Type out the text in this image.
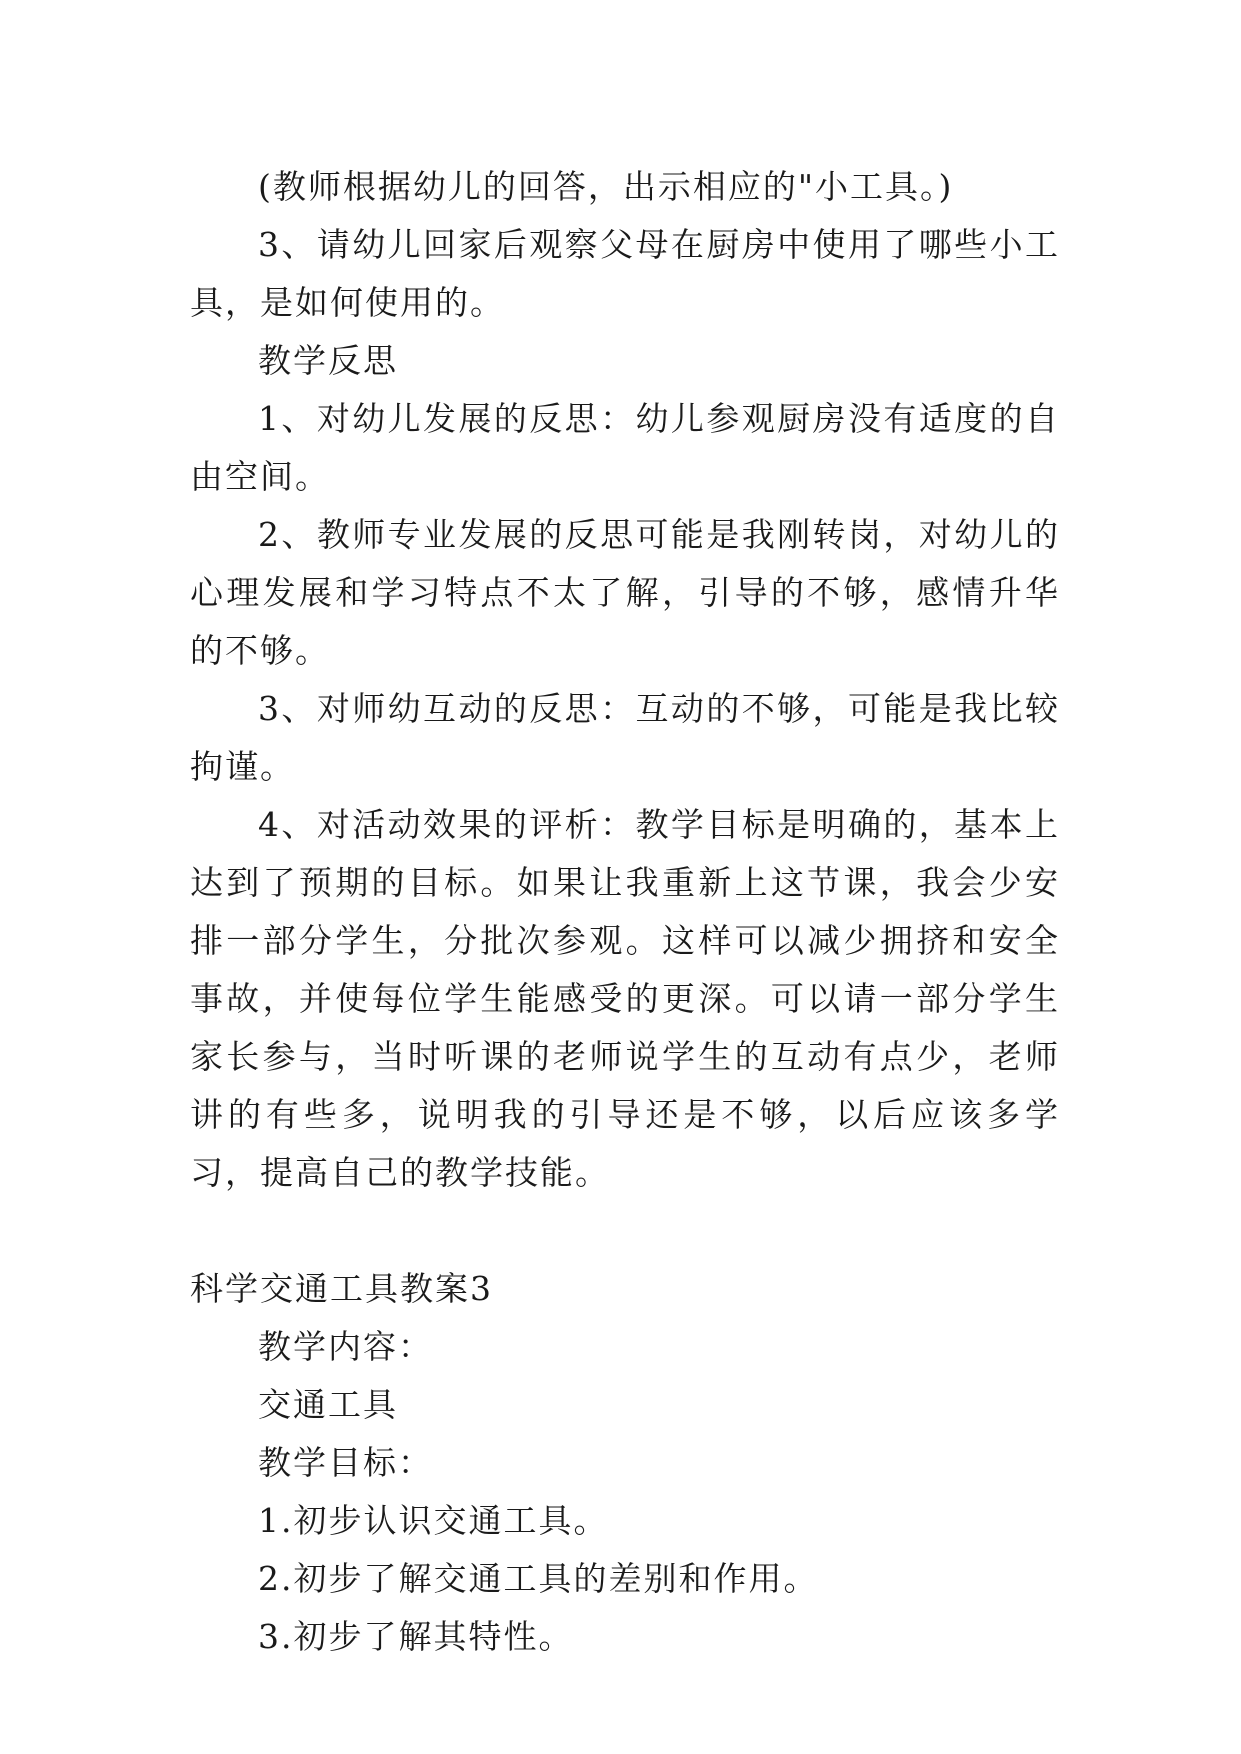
(教师根据幼儿的回答，出示相应的"小工具。)

3、请幼儿回家后观察父母在厨房中使用了哪些小工具，是如何使用的。

教学反思

1、对幼儿发展的反思：幼儿参观厨房没有适度的自由空间。

2、教师专业发展的反思可能是我刚转岗，对幼儿的心理发展和学习特点不太了解，引导的不够，感情升华的不够。

3、对师幼互动的反思：互动的不够，可能是我比较拘谨。

4、对活动效果的评析：教学目标是明确的，基本上达到了预期的目标。如果让我重新上这节课，我会少安排一部分学生，分批次参观。这样可以减少拥挤和安全事故，并使每位学生能感受的更深。可以请一部分学生家长参与，当时听课的老师说学生的互动有点少，老师讲的有些多，说明我的引导还是不够，以后应该多学习，提高自己的教学技能。

科学交通工具教案3

教学内容：

交通工具

教学目标：

1.初步认识交通工具。

2.初步了解交通工具的差别和作用。

3.初步了解其特性。
